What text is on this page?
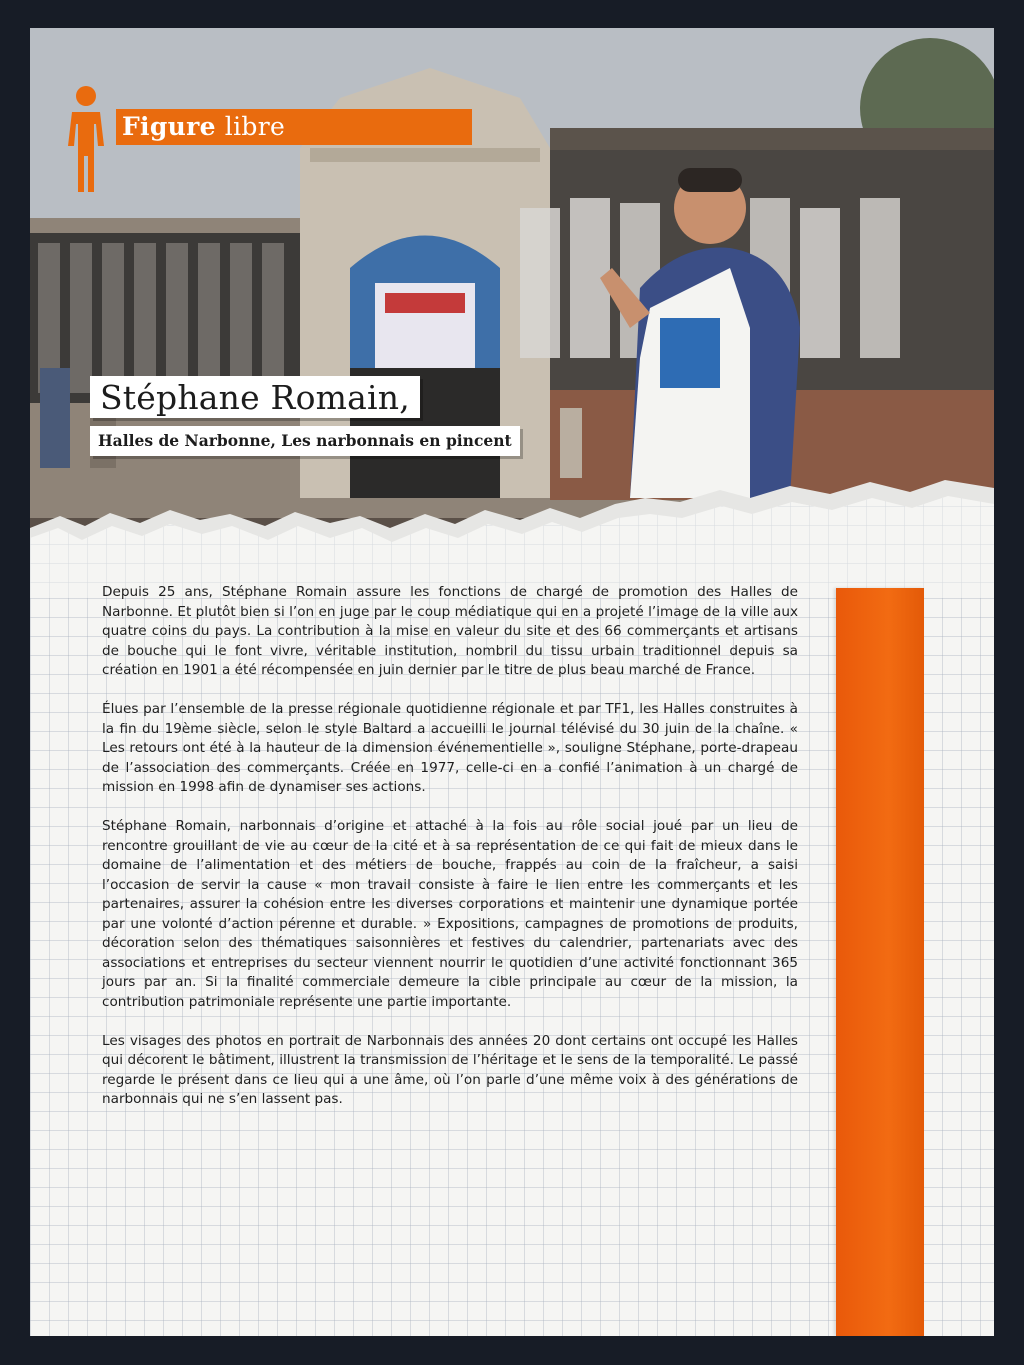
Figure libre
Stéphane Romain,
Halles de Narbonne, Les narbonnais en pincent

Depuis 25 ans, Stéphane Romain assure les fonctions de chargé de promotion des Halles de Narbonne. Et plutôt bien si l’on en juge par le coup médiatique qui en a projeté l’image de la ville aux quatre coins du pays. La contribution à la mise en valeur du site et des 66 commerçants et artisans de bouche qui le font vivre, véritable institution, nombril du tissu urbain traditionnel depuis sa création en 1901 a été récompensée en juin dernier par le titre de plus beau marché de France.

Élues par l’ensemble de la presse régionale quotidienne régionale et par TF1, les Halles construites à la fin du 19ème siècle, selon le style Baltard a accueilli le journal télévisé du 30 juin de la chaîne. « Les retours ont été à la hauteur de la dimension événementielle », souligne Stéphane, porte-drapeau de l’association des commerçants. Créée en 1977, celle-ci en a confié l’animation à un chargé de mission en 1998 afin de dynamiser ses actions.

Stéphane Romain, narbonnais d’origine et attaché à la fois au rôle social joué par un lieu de rencontre grouillant de vie au cœur de la cité et à sa représentation de ce qui fait de mieux dans le domaine de l’alimentation et des métiers de bouche, frappés au coin de la fraîcheur, a saisi l’occasion de servir la cause « mon travail consiste à faire le lien entre les commerçants et les partenaires, assurer la cohésion entre les diverses corporations et maintenir une dynamique portée par une volonté d’action pérenne et durable. » Expositions, campagnes de promotions de produits, décoration selon des thématiques saisonnières et festives du calendrier, partenariats avec des associations et entreprises du secteur viennent nourrir le quotidien d’une activité fonctionnant 365 jours par an. Si la finalité commerciale demeure la cible principale au cœur de la mission, la contribution patrimoniale représente une partie importante.

Les visages des photos en portrait de Narbonnais des années 20 dont certains ont occupé les Halles qui décorent le bâtiment, illustrent la transmission de l’héritage et le sens de la temporalité. Le passé regarde le présent dans ce lieu qui a une âme, où l’on parle d’une même voix à des générations de narbonnais qui ne s’en lassent pas.
